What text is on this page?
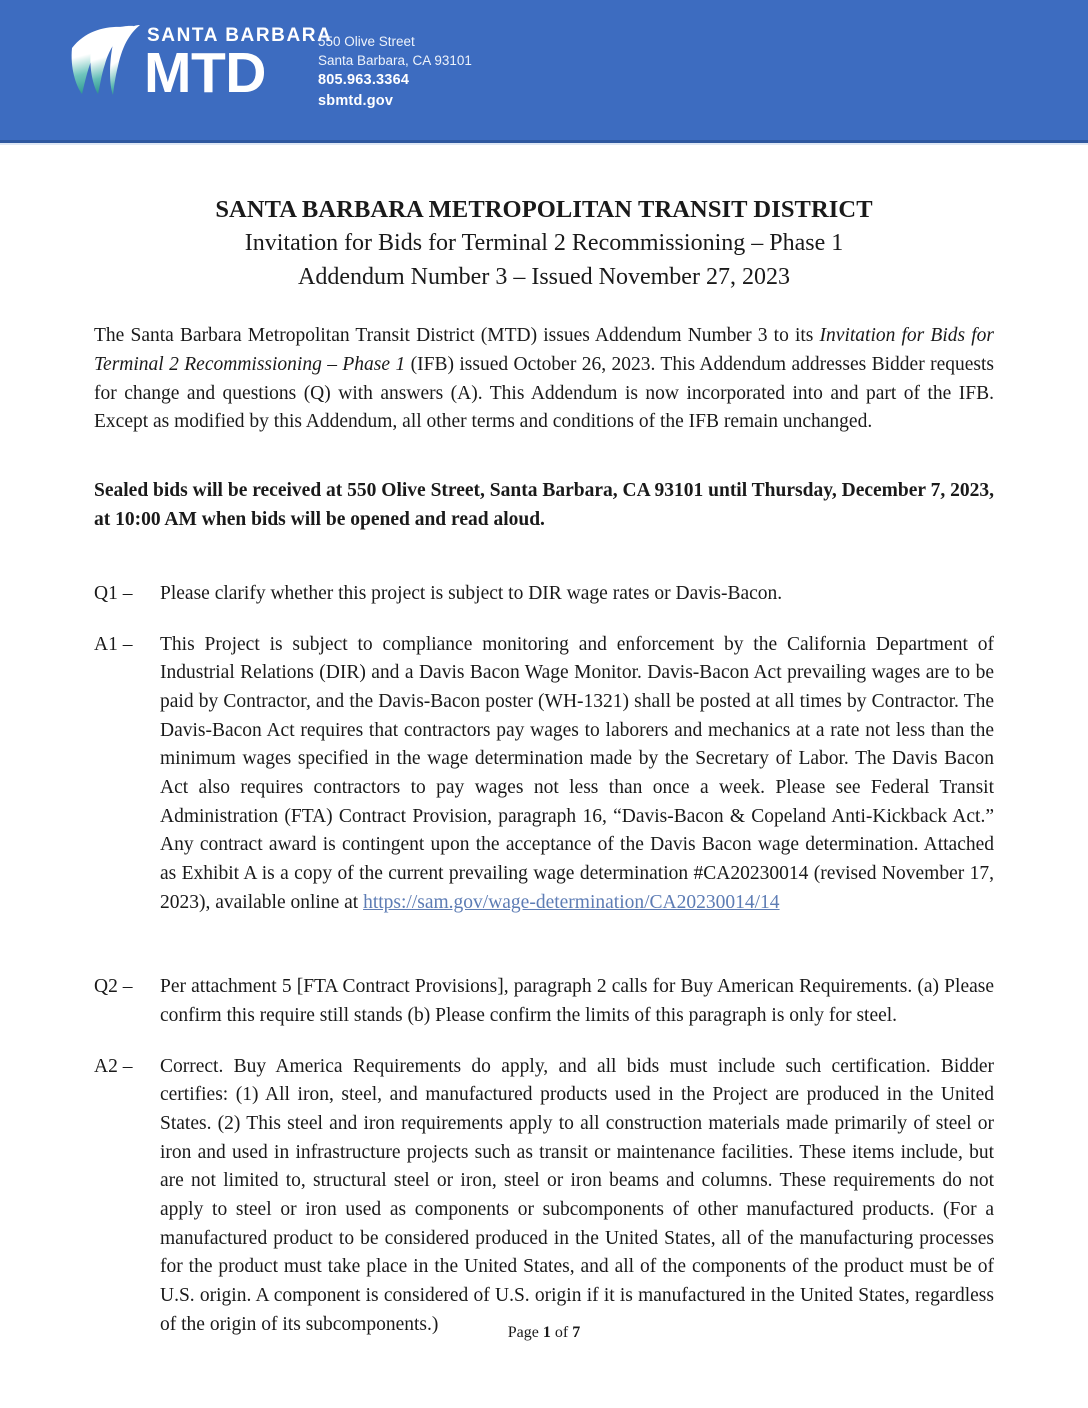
SANTA BARBARA
MTD	550 Olive Street
Santa Barbara, CA 93101
805.963.3364
sbmtd.gov
SANTA BARBARA METROPOLITAN TRANSIT DISTRICT
Invitation for Bids for Terminal 2 Recommissioning – Phase 1
Addendum Number 3 – Issued November 27, 2023

The Santa Barbara Metropolitan Transit District (MTD) issues Addendum Number 3 to its Invitation for Bids for Terminal 2 Recommissioning – Phase 1 (IFB) issued October 26, 2023. This Addendum addresses Bidder requests for change and questions (Q) with answers (A). This Addendum is now incorporated into and part of the IFB. Except as modified by this Addendum, all other terms and conditions of the IFB remain unchanged.

Sealed bids will be received at 550 Olive Street, Santa Barbara, CA 93101 until Thursday, December 7, 2023, at 10:00 AM when bids will be opened and read aloud.

Q1 –	Please clarify whether this project is subject to DIR wage rates or Davis-Bacon.
A1 –	This Project is subject to compliance monitoring and enforcement by the California Department of Industrial Relations (DIR) and a Davis Bacon Wage Monitor. Davis-Bacon Act prevailing wages are to be paid by Contractor, and the Davis-Bacon poster (WH-1321) shall be posted at all times by Contractor. The Davis-Bacon Act requires that contractors pay wages to laborers and mechanics at a rate not less than the minimum wages specified in the wage determination made by the Secretary of Labor. The Davis Bacon Act also requires contractors to pay wages not less than once a week. Please see Federal Transit Administration (FTA) Contract Provision, paragraph 16, “Davis-Bacon & Copeland Anti-Kickback Act.” Any contract award is contingent upon the acceptance of the Davis Bacon wage determination. Attached as Exhibit A is a copy of the current prevailing wage determination #CA20230014 (revised November 17, 2023), available online at https://sam.gov/wage-determination/CA20230014/14
Q2 –	Per attachment 5 [FTA Contract Provisions], paragraph 2 calls for Buy American Requirements. (a) Please confirm this require still stands (b) Please confirm the limits of this paragraph is only for steel.
A2 –	Correct. Buy America Requirements do apply, and all bids must include such certification. Bidder certifies: (1) All iron, steel, and manufactured products used in the Project are produced in the United States. (2) This steel and iron requirements apply to all construction materials made primarily of steel or iron and used in infrastructure projects such as transit or maintenance facilities. These items include, but are not limited to, structural steel or iron, steel or iron beams and columns. These requirements do not apply to steel or iron used as components or subcomponents of other manufactured products. (For a manufactured product to be considered produced in the United States, all of the manufacturing processes for the product must take place in the United States, and all of the components of the product must be of U.S. origin. A component is considered of U.S. origin if it is manufactured in the United States, regardless of the origin of its subcomponents.)	Page 1 of 7
